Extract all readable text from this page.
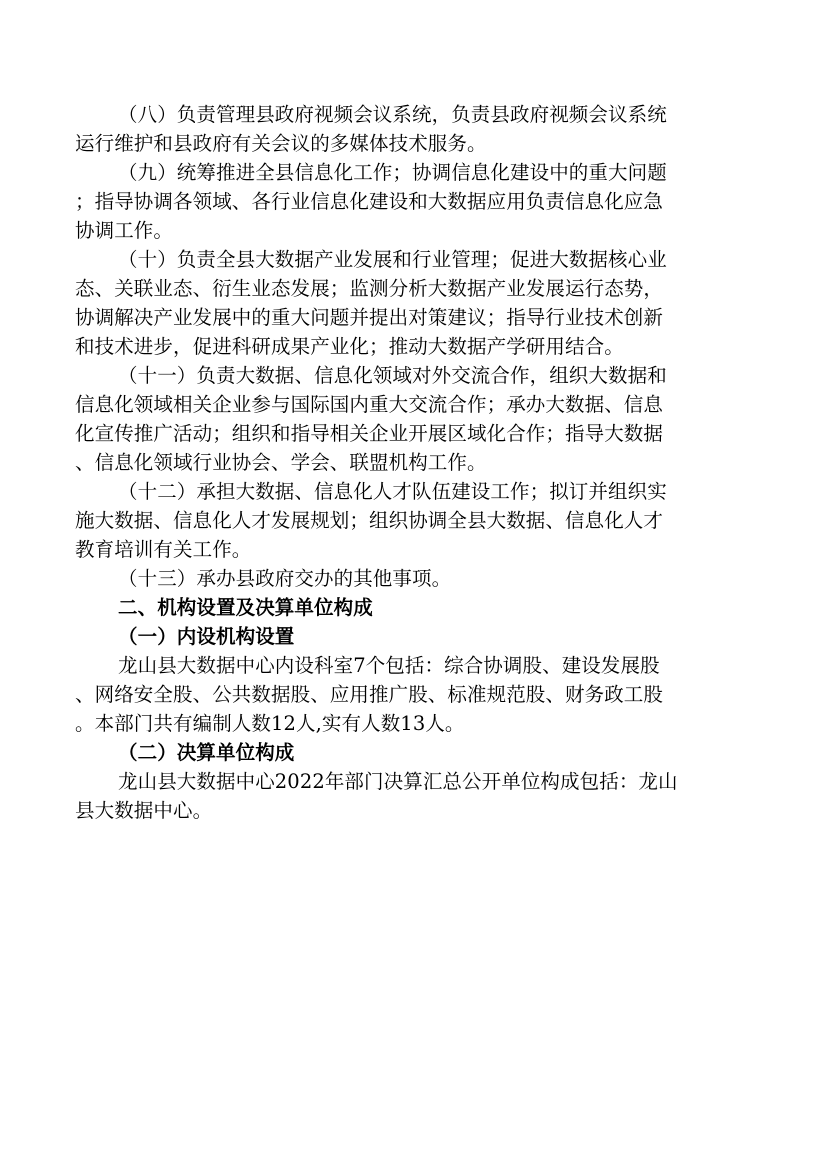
（八）负责管理县政府视频会议系统，负责县政府视频会议系统
运行维护和县政府有关会议的多媒体技术服务。
（九）统筹推进全县信息化工作；协调信息化建设中的重大问题
；指导协调各领域、各行业信息化建设和大数据应用负责信息化应急
协调工作。
（十）负责全县大数据产业发展和行业管理；促进大数据核心业
态、关联业态、衍生业态发展；监测分析大数据产业发展运行态势，
协调解决产业发展中的重大问题并提出对策建议；指导行业技术创新
和技术进步，促进科研成果产业化；推动大数据产学研用结合。
（十一）负责大数据、信息化领域对外交流合作，组织大数据和
信息化领域相关企业参与国际国内重大交流合作；承办大数据、信息
化宣传推广活动；组织和指导相关企业开展区域化合作；指导大数据
、信息化领域行业协会、学会、联盟机构工作。
（十二）承担大数据、信息化人才队伍建设工作；拟订并组织实
施大数据、信息化人才发展规划；组织协调全县大数据、信息化人才
教育培训有关工作。
（十三）承办县政府交办的其他事项。
二、机构设置及决算单位构成
（一）内设机构设置
龙山县大数据中心内设科室7个包括：综合协调股、建设发展股
、网络安全股、公共数据股、应用推广股、标准规范股、财务政工股
。本部门共有编制人数12人,实有人数13人。
（二）决算单位构成
龙山县大数据中心2022年部门决算汇总公开单位构成包括：龙山
县大数据中心。
